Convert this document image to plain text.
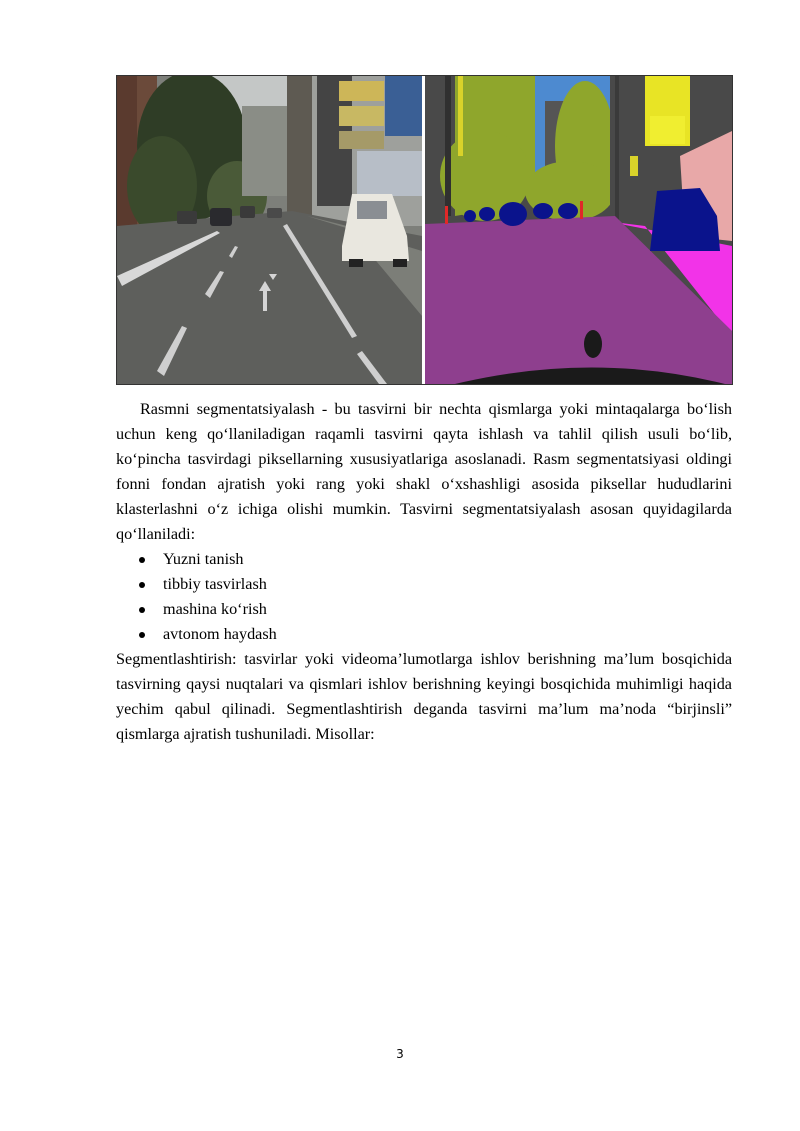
Rasmni segmentatsiyalash - bu tasvirni bir nechta qismlarga yoki mintaqalarga bo‘lish uchun keng qo‘llaniladigan raqamli tasvirni qayta ishlash va tahlil qilish usuli bo‘lib, ko‘pincha tasvirdagi piksellarning xususiyatlariga asoslanadi. Rasm segmentatsiyasi oldingi fonni fondan ajratish yoki rang yoki shakl o‘xshashligi asosida piksellar hududlarini klasterlashni o‘z ichiga olishi mumkin. Tasvirni segmentatsiyalash asosan quyidagilarda qo‘llaniladi:

Yuzni tanish
tibbiy tasvirlash
mashina ko‘rish
avtonom haydash

Segmentlashtirish: tasvirlar yoki videoma’lumotlarga ishlov berishning ma’lum bosqichida tasvirning qaysi nuqtalari va qismlari ishlov berishning keyingi bosqichida muhimligi haqida yechim qabul qilinadi. Segmentlashtirish deganda tasvirni ma’lum ma’noda “birjinsli” qismlarga ajratish tushuniladi. Misollar:

3
